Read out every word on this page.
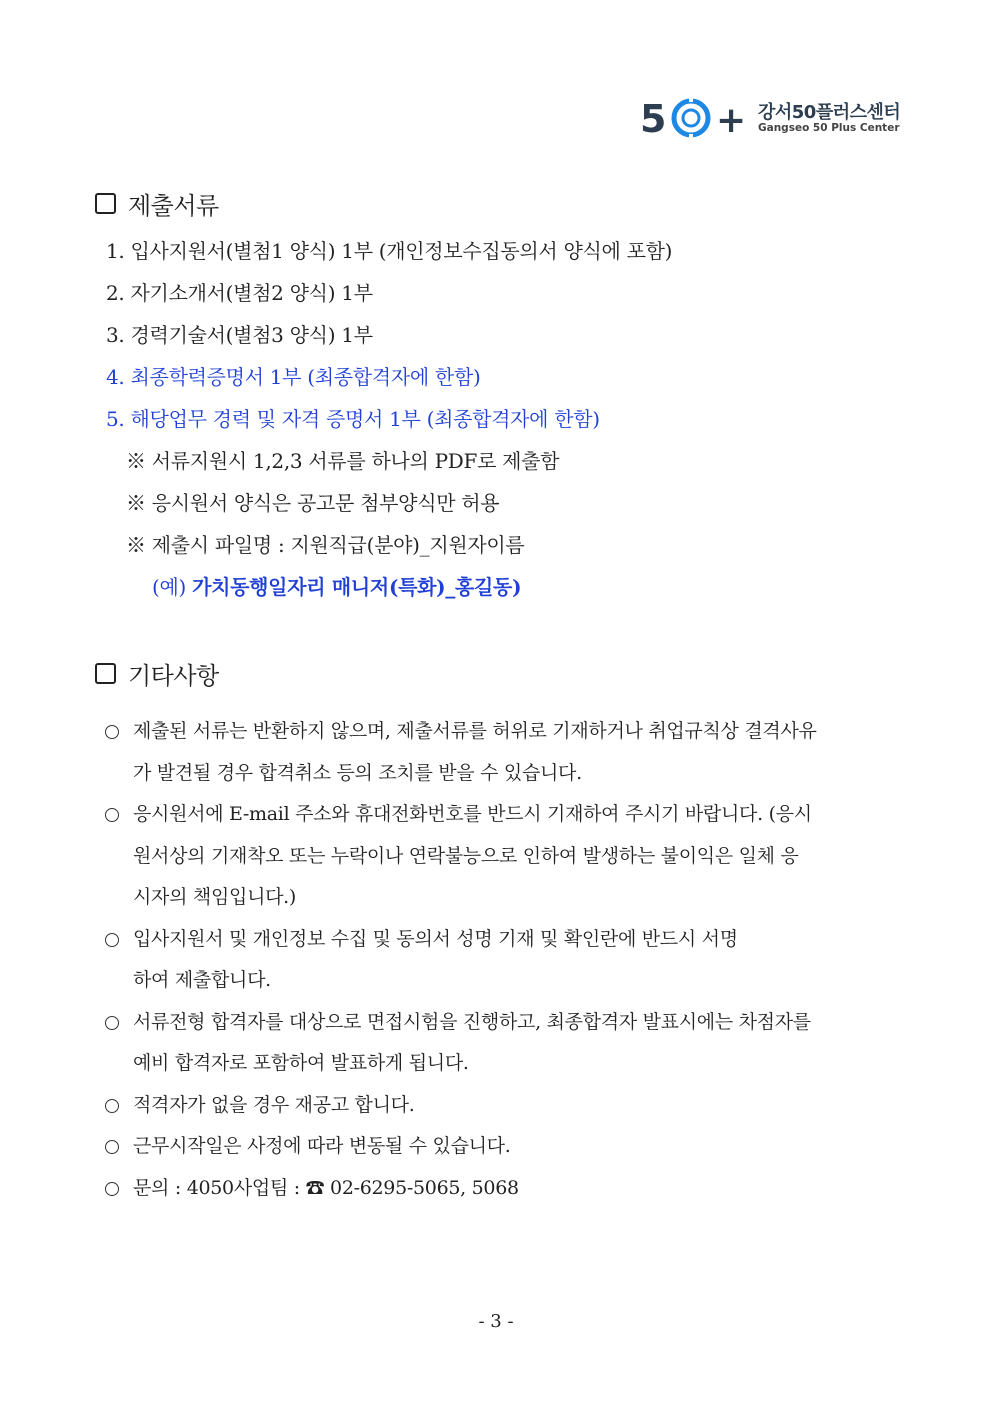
5 + 강서50플러스센터
Gangseo 50 Plus Center
제출서류
1. 입사지원서(별첨1 양식) 1부 (개인정보수집동의서 양식에 포함)
2. 자기소개서(별첨2 양식) 1부
3. 경력기술서(별첨3 양식) 1부
4. 최종학력증명서 1부 (최종합격자에 한함)
5. 해당업무 경력 및 자격 증명서 1부 (최종합격자에 한함)
※ 서류지원시 1,2,3 서류를 하나의 PDF로 제출함
※ 응시원서 양식은 공고문 첨부양식만 허용
※ 제출시 파일명 : 지원직급(분야)_지원자이름
(예) 가치동행일자리 매니저(특화)_홍길동)
기타사항
제출된 서류는 반환하지 않으며, 제출서류를 허위로 기재하거나 취업규칙상 결격사유
가 발견될 경우 합격취소 등의 조치를 받을 수 있습니다.
응시원서에 E-mail 주소와 휴대전화번호를 반드시 기재하여 주시기 바랍니다. (응시
원서상의 기재착오 또는 누락이나 연락불능으로 인하여 발생하는 불이익은 일체 응
시자의 책임입니다.)
입사지원서 및 개인정보 수집 및 동의서 성명 기재 및 확인란에 반드시 서명
하여 제출합니다.
서류전형 합격자를 대상으로 면접시험을 진행하고, 최종합격자 발표시에는 차점자를
예비 합격자로 포함하여 발표하게 됩니다.
적격자가 없을 경우 재공고 합니다.
근무시작일은 사정에 따라 변동될 수 있습니다.
문의 : 4050사업팀 : ☎ 02-6295-5065, 5068
- 3 -
